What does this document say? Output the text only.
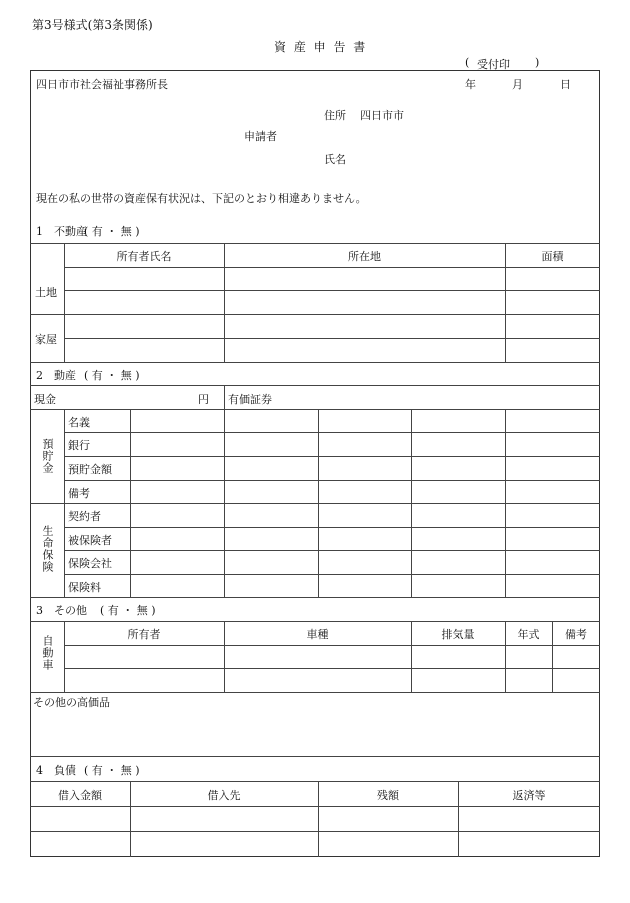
第3号様式(第3条関係)
資 産 申 告 書
( 受付印 )
四日市市社会福祉事務所長	年	月	日
住所 四日市市
申請者
氏名
現在の私の世帯の資産保有状況は、下記のとおり相違ありません。
1　不動産
( 有 ・ 無 )
所有者氏名	所在地	面積
土地
家屋
2　動産 ( 有 ・ 無 )
現金	円 有価証券
預貯金
名義
銀行
預貯金額
備考
生命保険
契約者
被保険者
保険会社
保険料
3　その他 ( 有 ・ 無 )
自動車
所有者	車種	排気量	年式	備考
その他の高価品
4　負債 ( 有 ・ 無 )
借入金額	借入先	残額	返済等
